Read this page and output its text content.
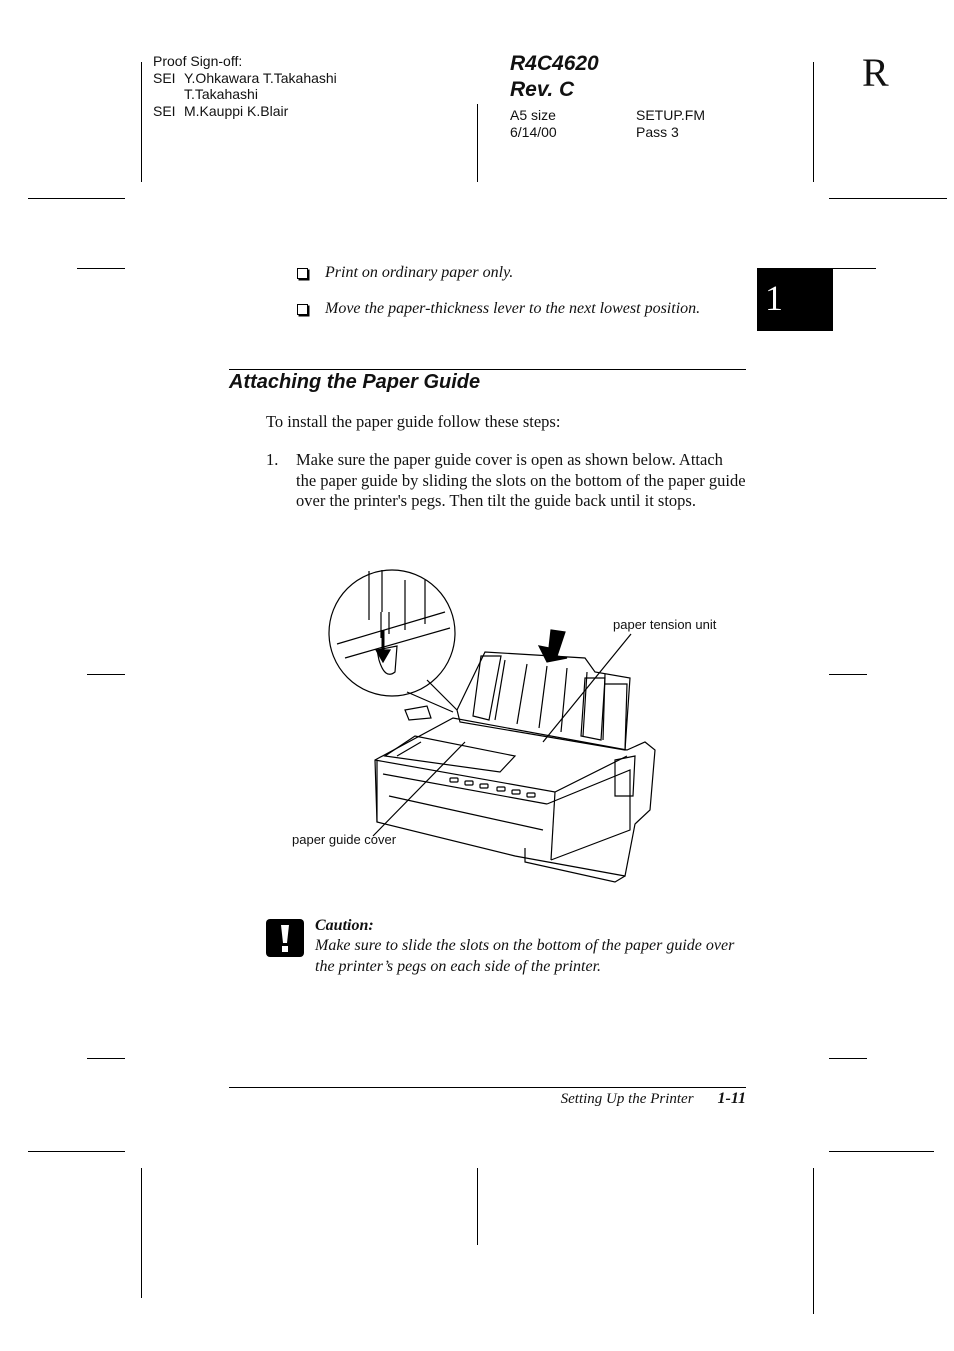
Proof Sign-off:
SEI Y.Ohkawara T.Takahashi
T.Takahashi
SEI M.Kauppi K.Blair
R4C4620
Rev. C
A5 size	SETUP.FM
6/14/00	Pass 3
R
1
Print on ordinary paper only.
Move the paper-thickness lever to the next lowest position.
Attaching the Paper Guide
To install the paper guide follow these steps:
1. Make sure the paper guide cover is open as shown below. Attach the paper guide by sliding the slots on the bottom of the paper guide over the printer's pegs. Then tilt the guide back until it stops.
paper tension unit
paper guide cover
Caution:
Make sure to slide the slots on the bottom of the paper guide over the printer’s pegs on each side of the printer.
Setting Up the Printer 1-11
